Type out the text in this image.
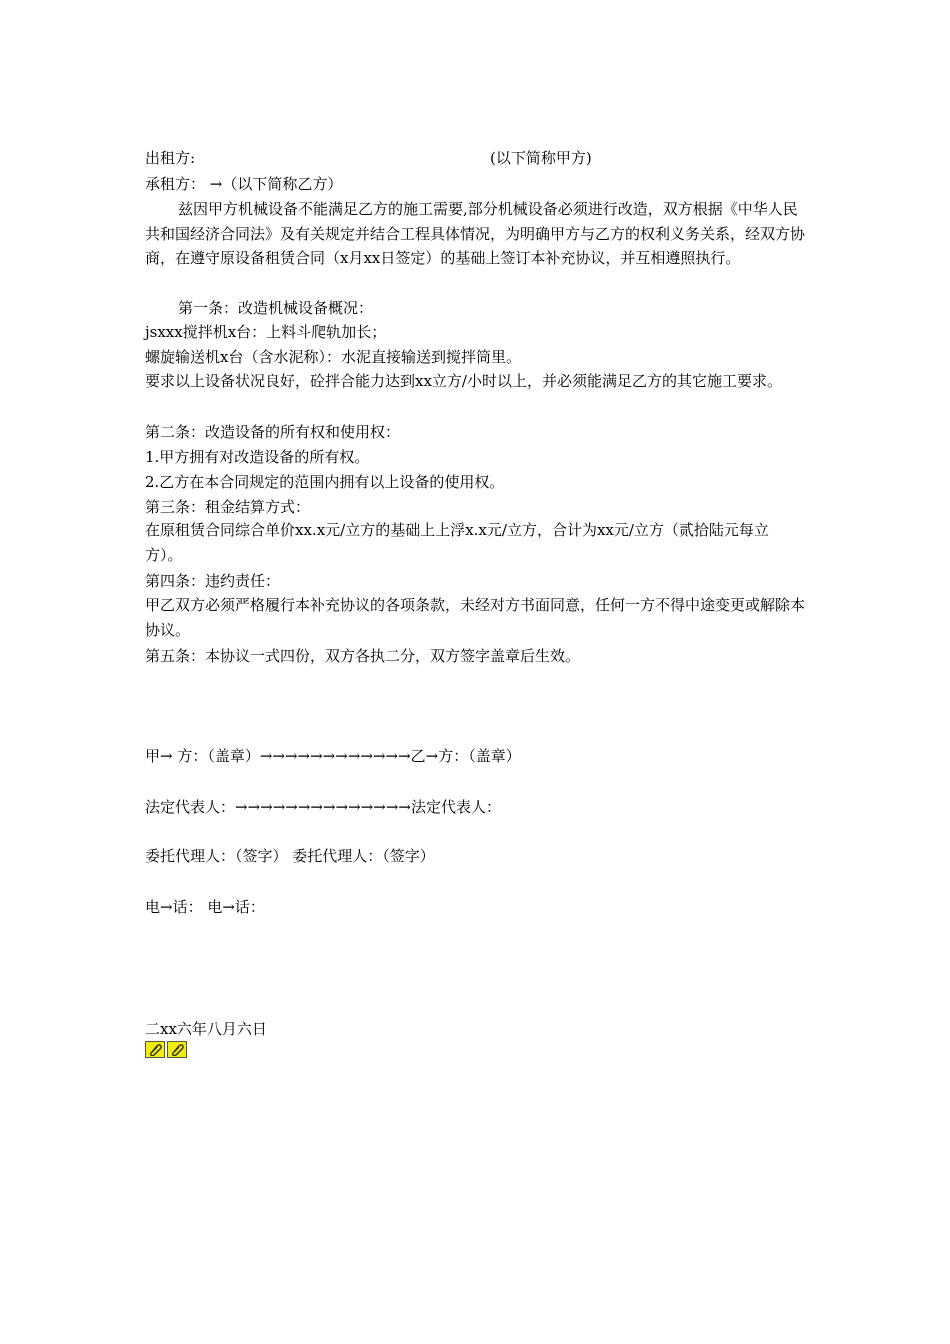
出租方:	(以下简称甲方)
承租方： →（以下简称乙方）
兹因甲方机械设备不能满足乙方的施工需要,部分机械设备必须进行改造，双方根据《中华人民共和国经济合同法》及有关规定并结合工程具体情况，为明确甲方与乙方的权利义务关系，经双方协商，在遵守原设备租赁合同（x月xx日签定）的基础上签订本补充协议，并互相遵照执行。
第一条：改造机械设备概况：
jsxxx搅拌机x台：上料斗爬轨加长；
螺旋输送机x台（含水泥称）：水泥直接输送到搅拌筒里。
要求以上设备状况良好，砼拌合能力达到xx立方/小时以上，并必须能满足乙方的其它施工要求。
第二条：改造设备的所有权和使用权：
1.甲方拥有对改造设备的所有权。
2.乙方在本合同规定的范围内拥有以上设备的使用权。
第三条：租金结算方式：
在原租赁合同综合单价xx.x元/立方的基础上上浮x.x元/立方，合计为xx元/立方（贰拾陆元每立方）。
第四条：违约责任：
甲乙双方必须严格履行本补充协议的各项条款，未经对方书面同意，任何一方不得中途变更或解除本协议。
第五条：本协议一式四份，双方各执二分，双方签字盖章后生效。
甲→ 方：（盖章）→→→→→→→→→→→→乙→方：（盖章）
法定代表人：→→→→→→→→→→→→→→法定代表人：
委托代理人：（签字） 委托代理人：（签字）
电→话： 电→话：
二xx六年八月六日
